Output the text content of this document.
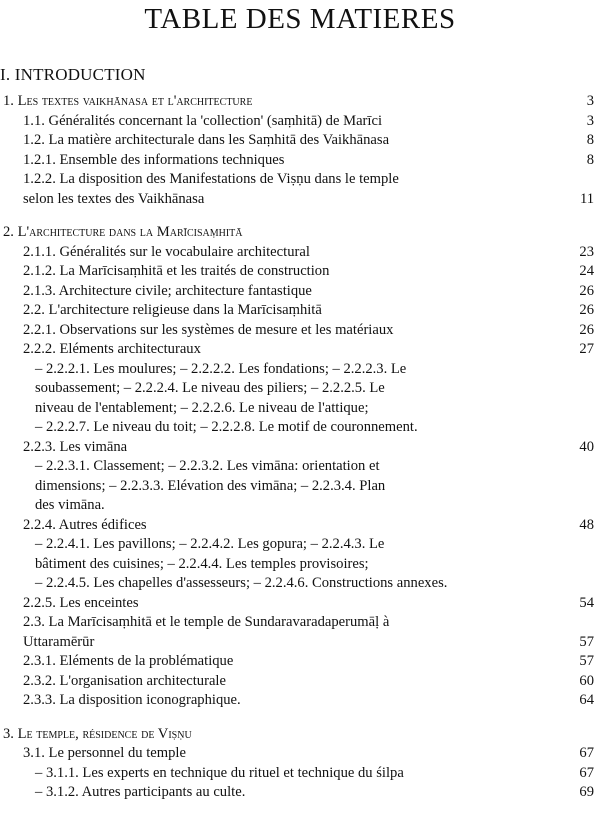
TABLE DES MATIERES
I. INTRODUCTION
1. Les textes vaikhānasa et l'architecture	3
1.1. Généralités concernant la 'collection' (saṃhitā) de Marīci	3
1.2. La matière architecturale dans les Saṃhitā des Vaikhānasa	8
1.2.1. Ensemble des informations techniques	8
1.2.2. La disposition des Manifestations de Viṣṇu dans le temple
selon les textes des Vaikhānasa	11
2. L'architecture dans la Marīcisaṃhitā
2.1.1. Généralités sur le vocabulaire architectural	23
2.1.2. La Marīcisaṃhitā et les traités de construction	24
2.1.3. Architecture civile; architecture fantastique	26
2.2. L'architecture religieuse dans la Marīcisaṃhitā	26
2.2.1. Observations sur les systèmes de mesure et les matériaux	26
2.2.2. Eléments architecturaux	27
– 2.2.2.1. Les moulures; – 2.2.2.2. Les fondations; – 2.2.2.3. Le
soubassement; – 2.2.2.4. Le niveau des piliers; – 2.2.2.5. Le
niveau de l'entablement; – 2.2.2.6. Le niveau de l'attique;
– 2.2.2.7. Le niveau du toit; – 2.2.2.8. Le motif de couronnement.
2.2.3. Les vimāna	40
– 2.2.3.1. Classement; – 2.2.3.2. Les vimāna: orientation et
dimensions; – 2.2.3.3. Elévation des vimāna; – 2.2.3.4. Plan
des vimāna.
2.2.4. Autres édifices	48
– 2.2.4.1. Les pavillons; – 2.2.4.2. Les gopura; – 2.2.4.3. Le
bâtiment des cuisines; – 2.2.4.4. Les temples provisoires;
– 2.2.4.5. Les chapelles d'assesseurs; – 2.2.4.6. Constructions annexes.
2.2.5. Les enceintes	54
2.3. La Marīcisaṃhitā et le temple de Sundaravaradaperumāḷ à
Uttaramērūr	57
2.3.1. Eléments de la problématique	57
2.3.2. L'organisation architecturale	60
2.3.3. La disposition iconographique.	64
3. Le temple, résidence de Viṣṇu
3.1. Le personnel du temple	67
– 3.1.1. Les experts en technique du rituel et technique du śilpa	67
– 3.1.2. Autres participants au culte.	69
